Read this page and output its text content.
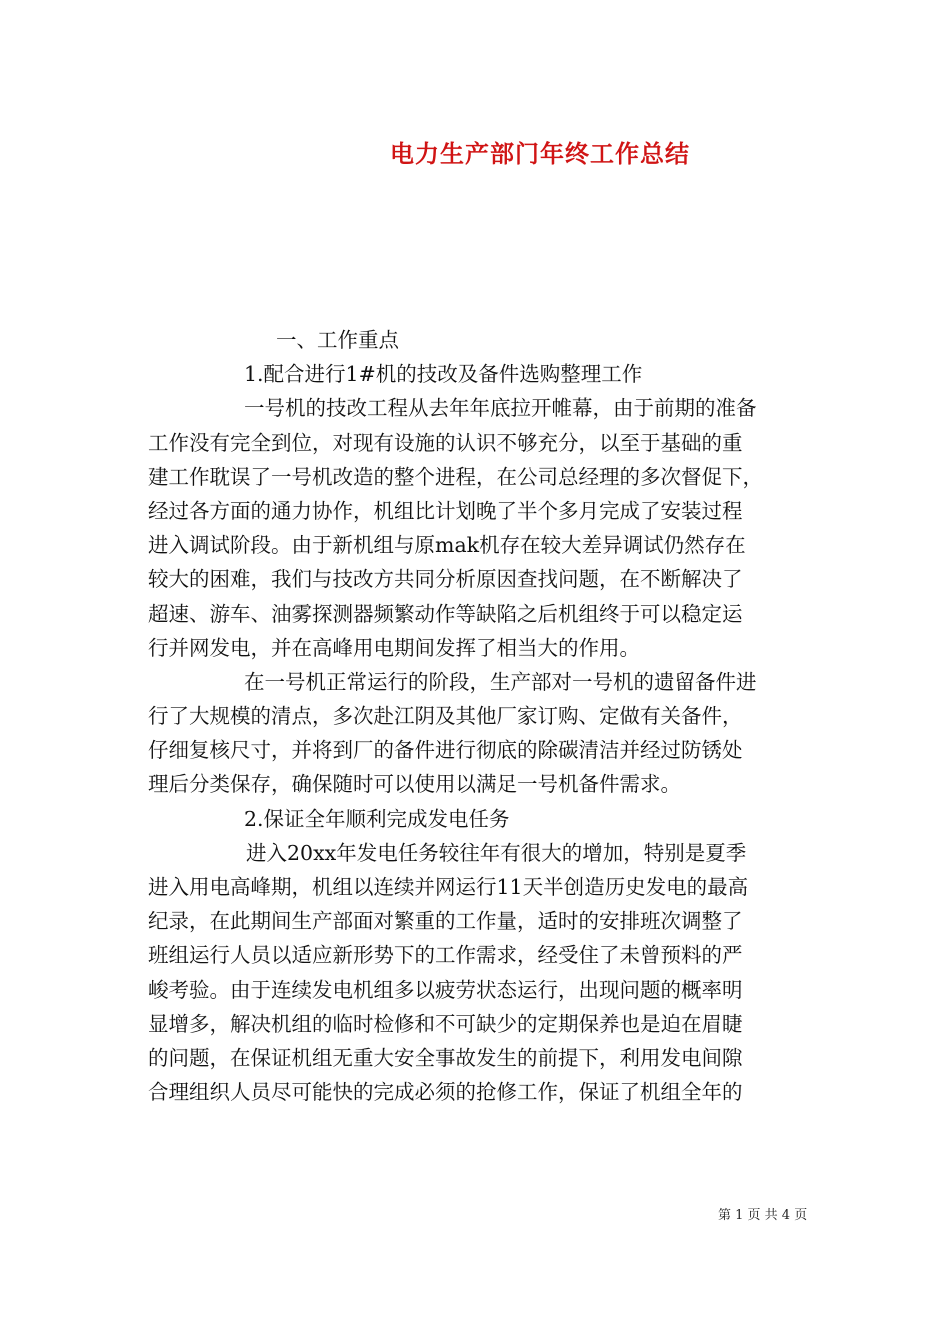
电力生产部门年终工作总结
一、工作重点
1.配合进行1#机的技改及备件选购整理工作
一号机的技改工程从去年年底拉开帷幕，由于前期的准备
工作没有完全到位，对现有设施的认识不够充分，以至于基础的重
建工作耽误了一号机改造的整个进程，在公司总经理的多次督促下，
经过各方面的通力协作，机组比计划晚了半个多月完成了安装过程
进入调试阶段。由于新机组与原mak机存在较大差异调试仍然存在
较大的困难，我们与技改方共同分析原因查找问题，在不断解决了
超速、游车、油雾探测器频繁动作等缺陷之后机组终于可以稳定运
行并网发电，并在高峰用电期间发挥了相当大的作用。
在一号机正常运行的阶段，生产部对一号机的遗留备件进
行了大规模的清点，多次赴江阴及其他厂家订购、定做有关备件，
仔细复核尺寸，并将到厂的备件进行彻底的除碳清洁并经过防锈处
理后分类保存，确保随时可以使用以满足一号机备件需求。
2.保证全年顺利完成发电任务
进入20xx年发电任务较往年有很大的增加，特别是夏季
进入用电高峰期，机组以连续并网运行11天半创造历史发电的最高
纪录，在此期间生产部面对繁重的工作量，适时的安排班次调整了
班组运行人员以适应新形势下的工作需求，经受住了未曾预料的严
峻考验。由于连续发电机组多以疲劳状态运行，出现问题的概率明
显增多，解决机组的临时检修和不可缺少的定期保养也是迫在眉睫
的问题，在保证机组无重大安全事故发生的前提下，利用发电间隙
合理组织人员尽可能快的完成必须的抢修工作，保证了机组全年的
第 1 页 共 4 页
